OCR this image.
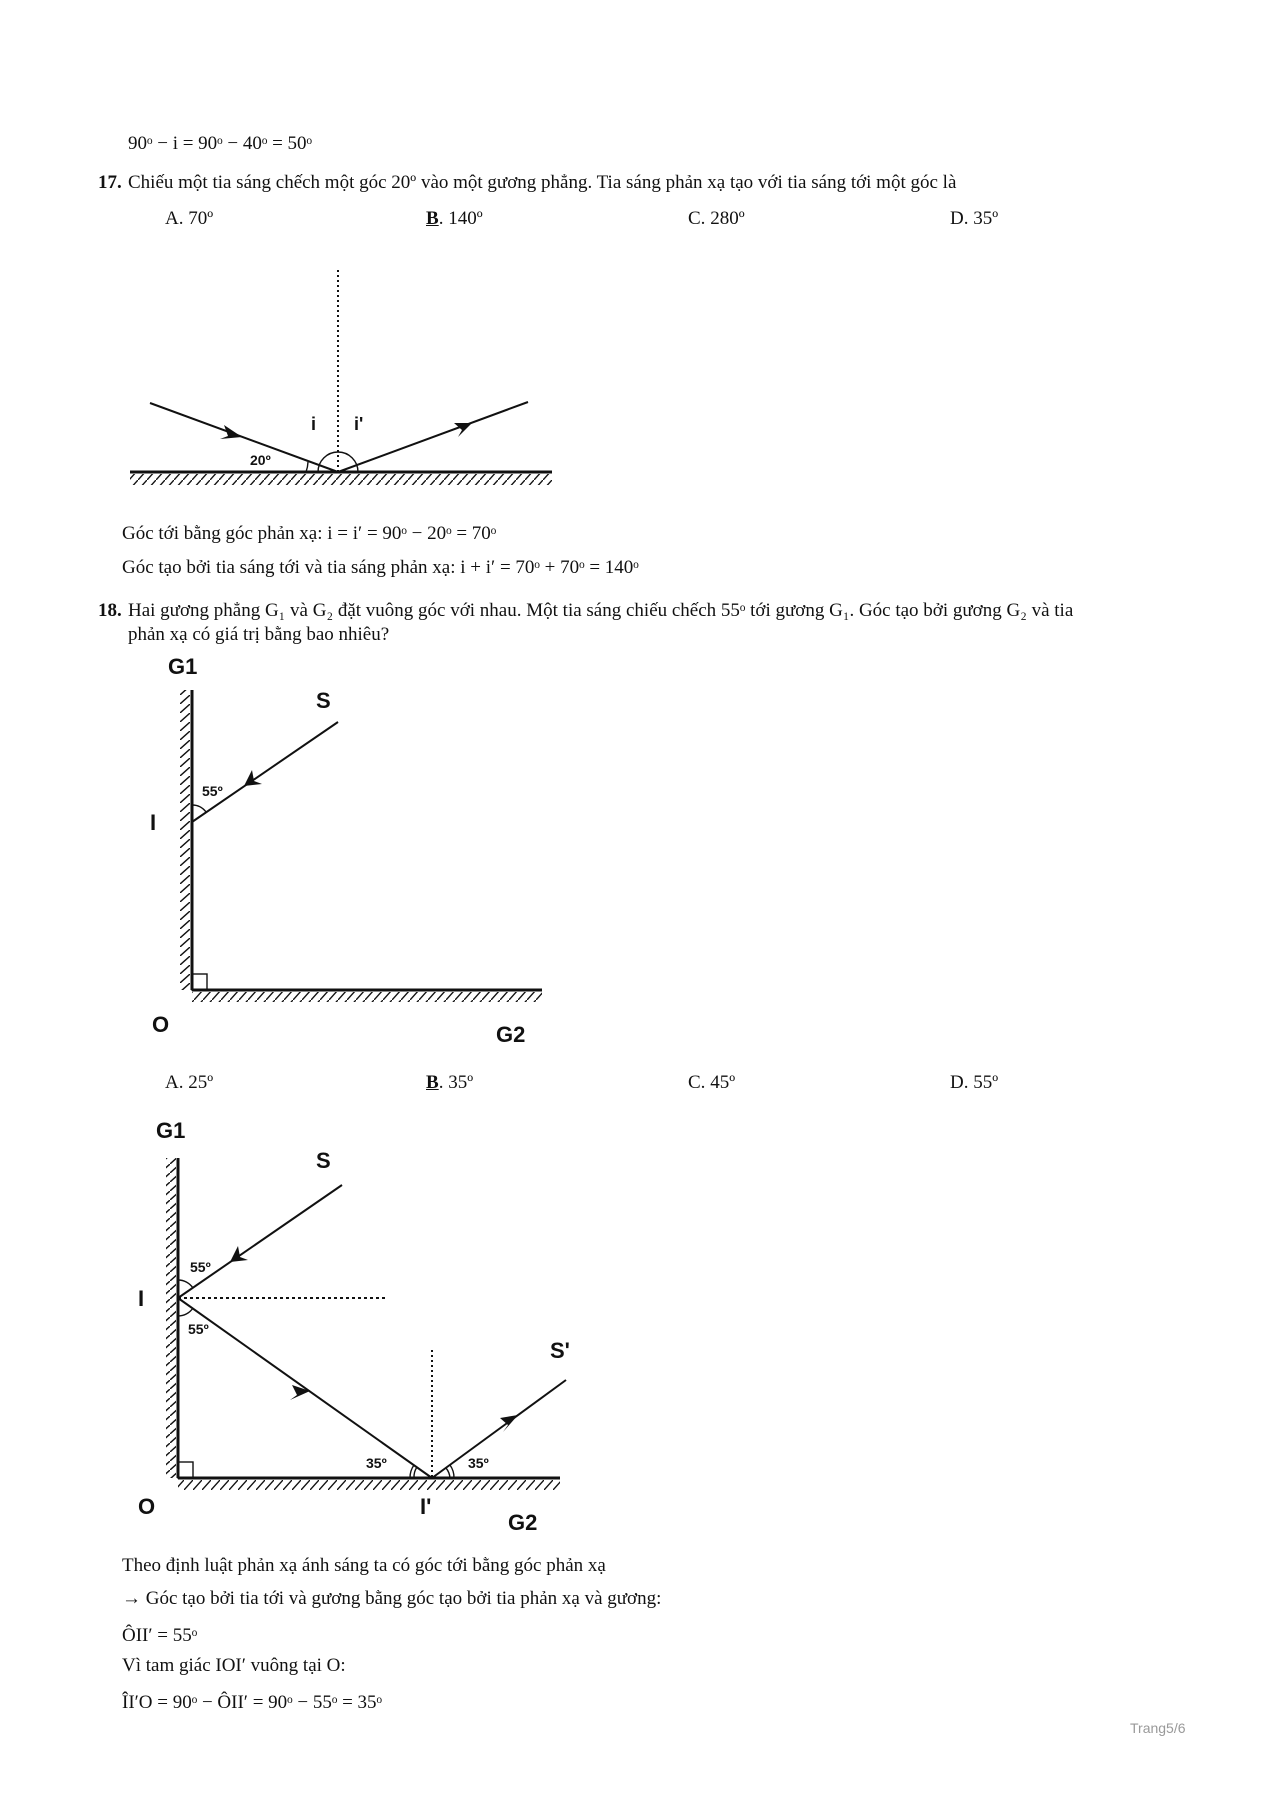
90ᵒ − i = 90ᵒ − 40ᵒ = 50ᵒ
17. Chiếu một tia sáng chếch một góc 20º vào một gương phẳng. Tia sáng phản xạ tạo với tia sáng tới một góc là
A. 70º	B. 140º	C. 280º	D. 35º
20º
i i'
Góc tới bằng góc phản xạ: i = i′ = 90ᵒ − 20ᵒ = 70ᵒ
Góc tạo bởi tia sáng tới và tia sáng phản xạ: i + i′ = 70ᵒ + 70ᵒ = 140ᵒ
18. Hai gương phẳng G₁ và G₂ đặt vuông góc với nhau. Một tia sáng chiếu chếch 55ᵒ tới gương G₁. Góc tạo bởi gương G₂ và tia
phản xạ có giá trị bằng bao nhiêu?
G1
55º
S
I
O	G2
A. 25º	B. 35º	C. 45º	D. 55º
G1
55º
55º
35º	35º
S
S'
I
I'
O
G2
Theo định luật phản xạ ánh sáng ta có góc tới bằng góc phản xạ
→ Góc tạo bởi tia tới và gương bằng góc tạo bởi tia phản xạ và gương:
ÔII′ = 55ᵒ
Vì tam giác IOI′ vuông tại O:
ÎI′O = 90ᵒ − ÔII′ = 90ᵒ − 55ᵒ = 35ᵒ
Trang5/6
